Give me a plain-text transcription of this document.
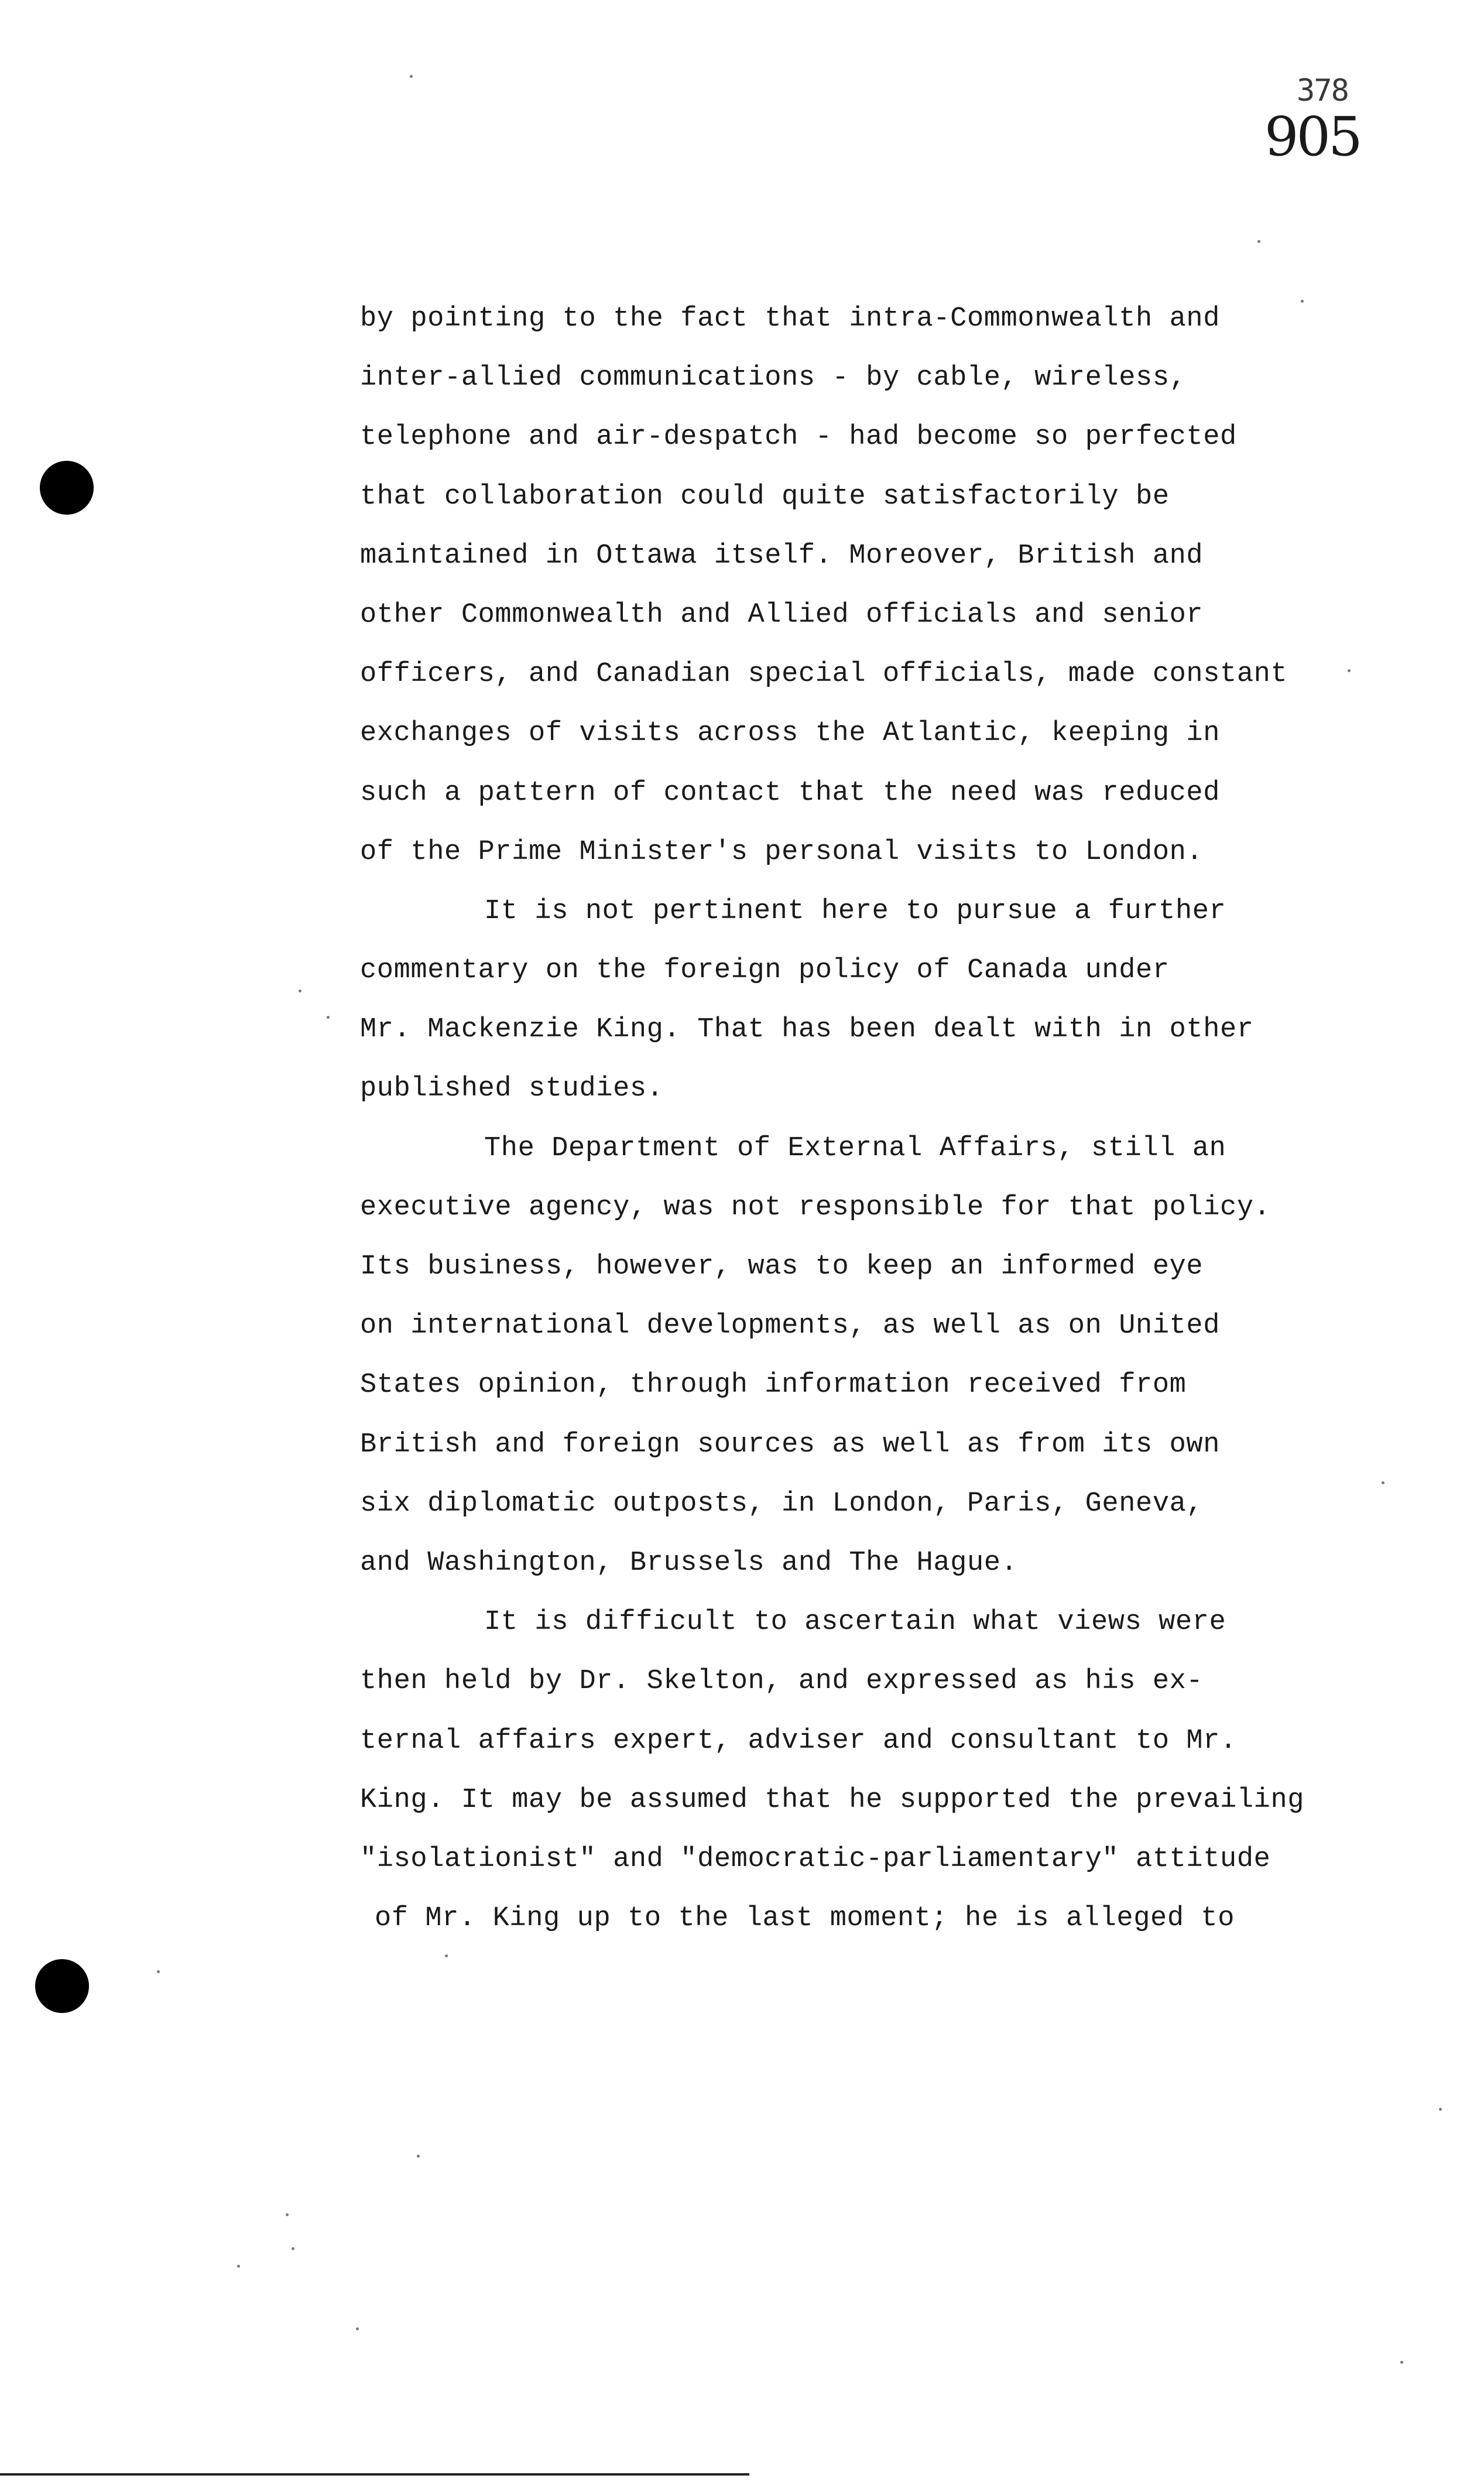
378
905
by pointing to the fact that intra-Commonwealth and
inter-allied communications - by cable, wireless,
telephone and air-despatch - had become so perfected
that collaboration could quite satisfactorily be
maintained in Ottawa itself. Moreover, British and
other Commonwealth and Allied officials and senior
officers, and Canadian special officials, made constant
exchanges of visits across the Atlantic, keeping in
such a pattern of contact that the need was reduced
of the Prime Minister's personal visits to London.
It is not pertinent here to pursue a further
commentary on the foreign policy of Canada under
Mr. Mackenzie King. That has been dealt with in other
published studies.
The Department of External Affairs, still an
executive agency, was not responsible for that policy.
Its business, however, was to keep an informed eye
on international developments, as well as on United
States opinion, through information received from
British and foreign sources as well as from its own
six diplomatic outposts, in London, Paris, Geneva,
and Washington, Brussels and The Hague.
It is difficult to ascertain what views were
then held by Dr. Skelton, and expressed as his ex-
ternal affairs expert, adviser and consultant to Mr.
King. It may be assumed that he supported the prevailing
"isolationist" and "democratic-parliamentary" attitude
of Mr. King up to the last moment; he is alleged to
